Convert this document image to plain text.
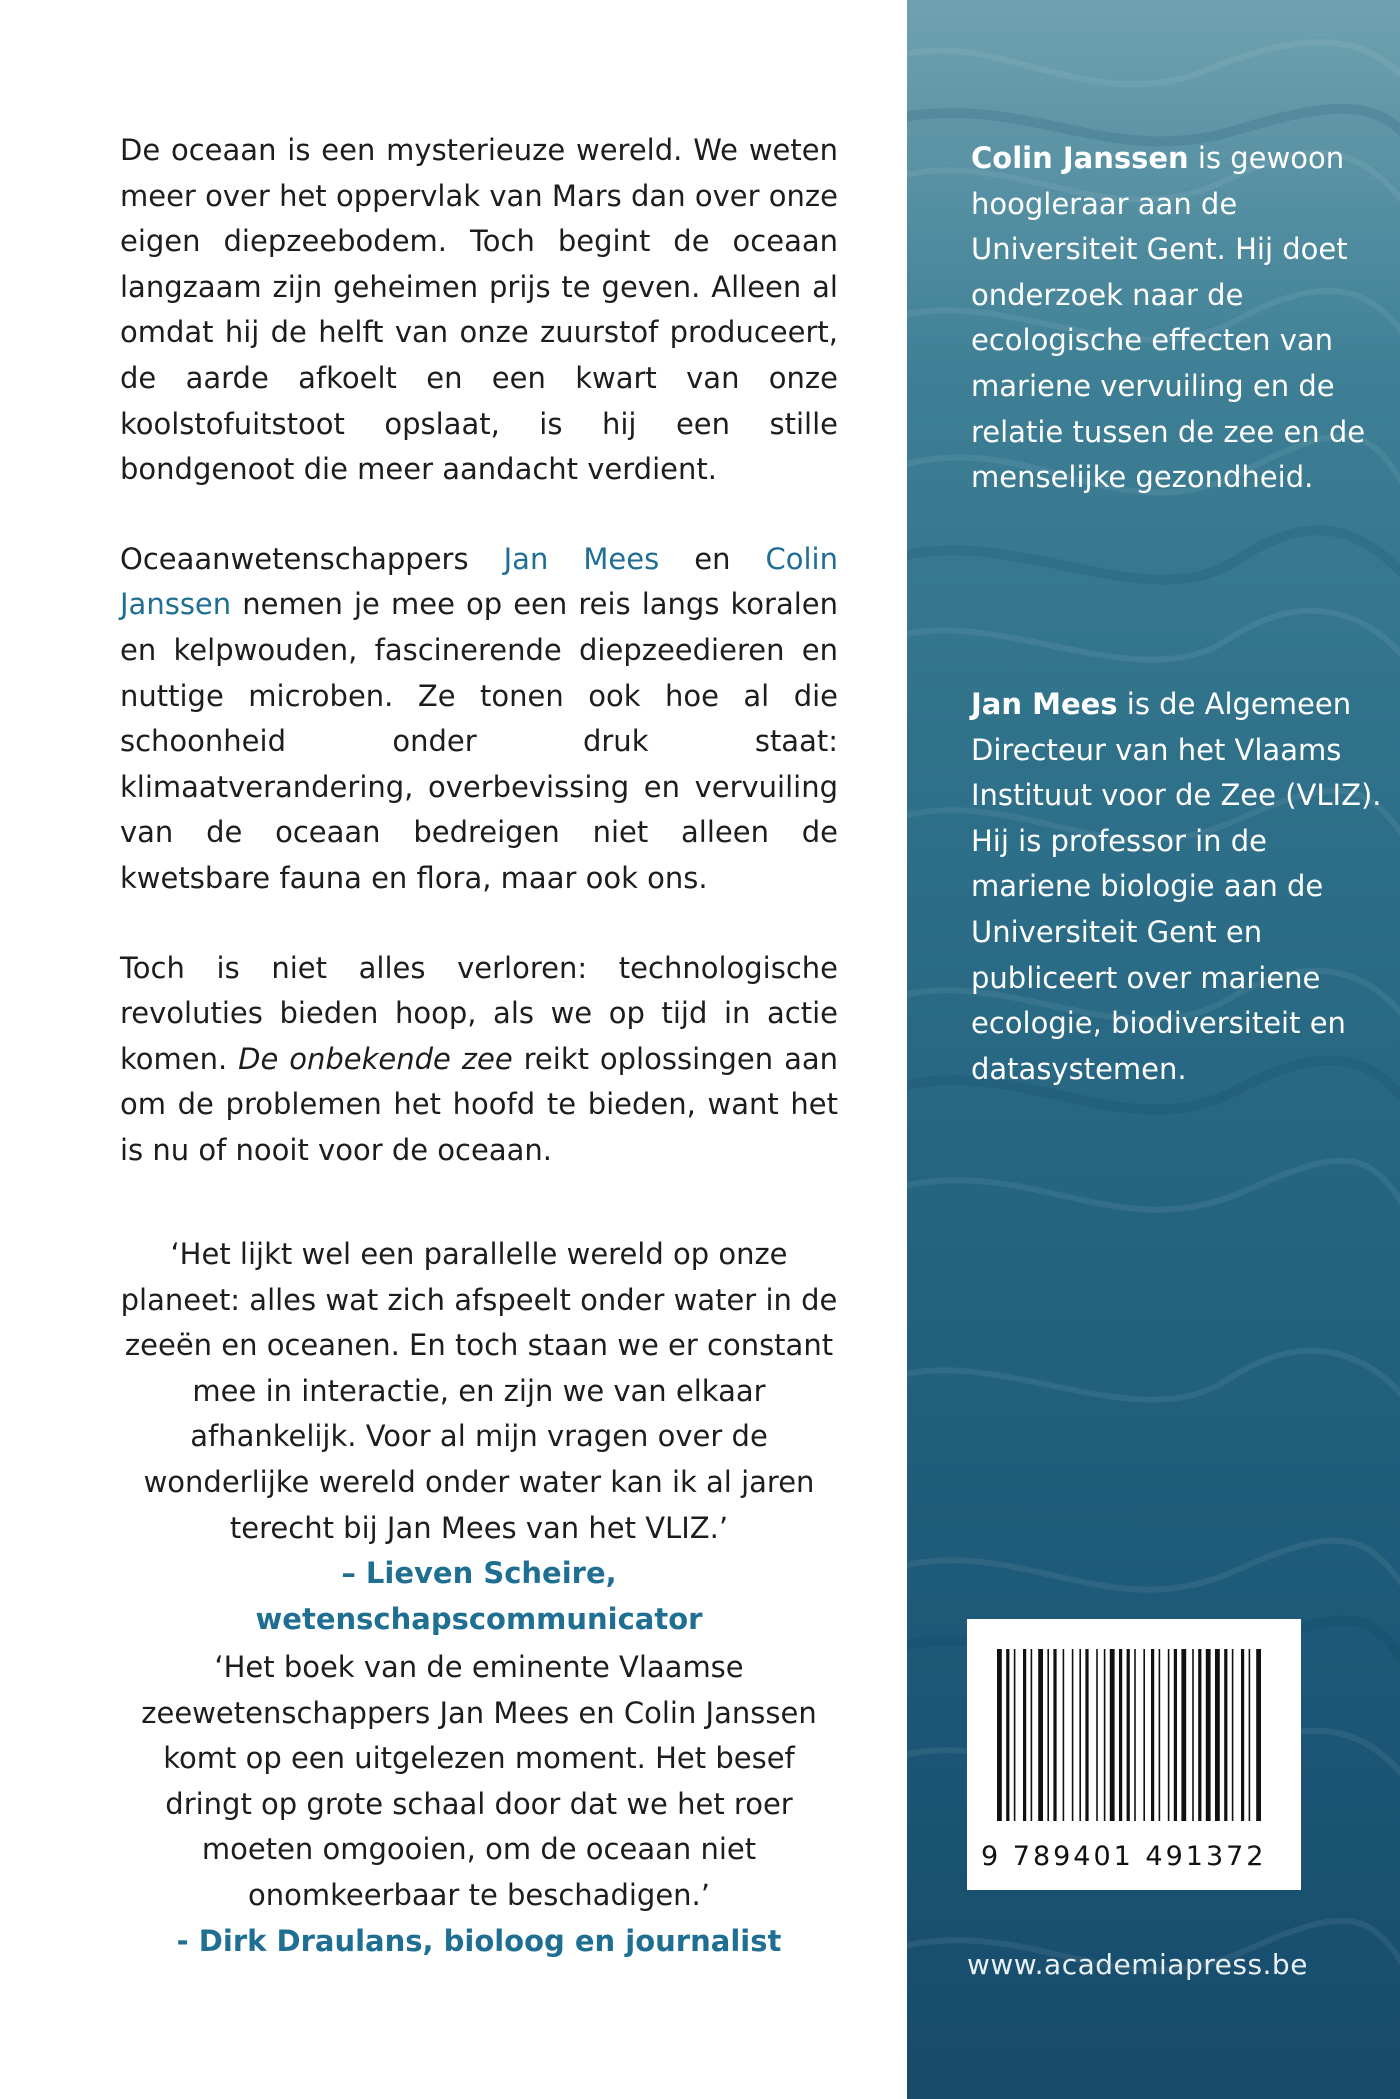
De oceaan is een mysterieuze wereld. We weten meer over het oppervlak van Mars dan over onze eigen diepzeebodem. Toch begint de oceaan langzaam zijn geheimen prijs te geven. Alleen al omdat hij de helft van onze zuurstof produceert, de aarde afkoelt en een kwart van onze koolstofuitstoot opslaat, is hij een stille bondgenoot die meer aandacht verdient.

Oceaanwetenschappers Jan Mees en Colin Janssen nemen je mee op een reis langs koralen en kelpwouden, fascinerende diepzeedieren en nuttige microben. Ze tonen ook hoe al die schoonheid onder druk staat: klimaatverandering, overbevissing en vervuiling van de oceaan bedreigen niet alleen de kwetsbare fauna en flora, maar ook ons.

Toch is niet alles verloren: technologische revoluties bieden hoop, als we op tijd in actie komen. De onbekende zee reikt oplossingen aan om de problemen het hoofd te bieden, want het is nu of nooit voor de oceaan.

‘Het lijkt wel een parallelle wereld op onze planeet: alles wat zich afspeelt onder water in de zeeën en oceanen. En toch staan we er constant mee in interactie, en zijn we van elkaar afhankelijk. Voor al mijn vragen over de wonderlijke wereld onder water kan ik al jaren terecht bij Jan Mees van het VLIZ.’

– Lieven Scheire, wetenschapscommunicator

‘Het boek van de eminente Vlaamse zeewetenschappers Jan Mees en Colin Janssen komt op een uitgelezen moment. Het besef dringt op grote schaal door dat we het roer moeten omgooien, om de oceaan niet onomkeerbaar te beschadigen.’

- Dirk Draulans, bioloog en journalist

Colin Janssen is gewoon hoogleraar aan de Universiteit Gent. Hij doet onderzoek naar de ecologische effecten van mariene vervuiling en de relatie tussen de zee en de menselijke gezondheid.

Jan Mees is de Algemeen Directeur van het Vlaams Instituut voor de Zee (VLIZ). Hij is professor in de mariene biologie aan de Universiteit Gent en publiceert over mariene ecologie, biodiversiteit en datasystemen.

9 789401 491372
www.academiapress.be
